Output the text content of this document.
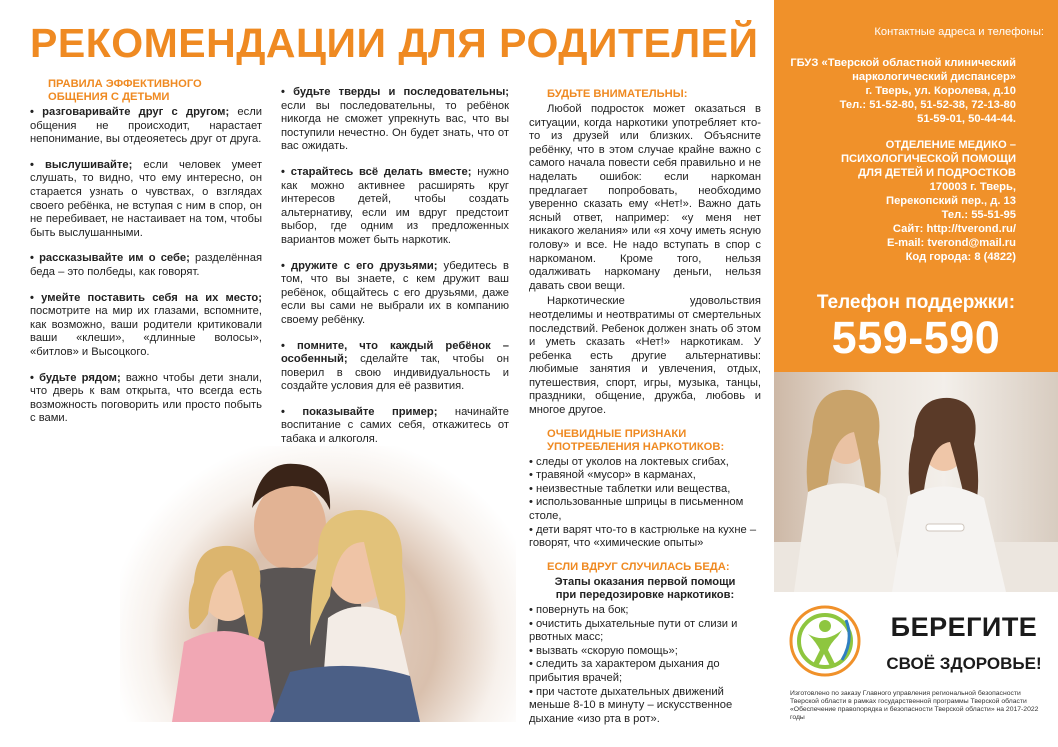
РЕКОМЕНДАЦИИ ДЛЯ РОДИТЕЛЕЙ
ПРАВИЛА ЭФФЕКТИВНОГО
ОБЩЕНИЯ С ДЕТЬМИ
• разговаривайте друг с другом; если общения не происходит, нарастает непонимание, вы отдеояетесь друг от друга.
• выслушивайте; если человек умеет слушать, то видно, что ему интересно, он старается узнать о чувствах, о взглядах своего ребёнка, не вступая с ним в спор, он не перебивает, не настаивает на том, чтобы быть выслушанными.
• рассказывайте им о себе; разделённая беда – это полбеды, как говорят.
• умейте поставить себя на их место; посмотрите на мир их глазами, вспомните, как возможно, ваши родители критиковали ваши «клеши», «длинные волосы», «битлов» и Высоцкого.
• будьте рядом; важно чтобы дети знали, что дверь к вам открыта, что всегда есть возможность поговорить или просто побыть с вами.
• будьте тверды и последовательны; если вы последовательны, то ребёнок никогда не сможет упрекнуть вас, что вы поступили нечестно. Он будет знать, что от вас ожидать.
• старайтесь всё делать вместе; нужно как можно активнее расширять круг интересов детей, чтобы создать альтернативу, если им вдруг предстоит выбор, где одним из предложенных вариантов может быть наркотик.
• дружите с его друзьями; убедитесь в том, что вы знаете, с кем дружит ваш ребёнок, общайтесь с его друзьями, даже если вы сами не выбрали их в компанию своему ребёнку.
• помните, что каждый ребёнок – особенный; сделайте так, чтобы он поверил в свою индивидуальность и создайте условия для её развития.
• показывайте пример; начинайте воспитание с самих себя, откажитесь от табака и алкоголя.
БУДЬТЕ ВНИМАТЕЛЬНЫ:
Любой подросток может оказаться в ситуации, когда наркотики употребляет кто-то из друзей или близких. Объясните ребёнку, что в этом случае крайне важно с самого начала повести себя правильно и не наделать ошибок: если наркоман предлагает попробовать, необходимо уверенно сказать ему «Нет!». Важно дать ясный ответ, например: «у меня нет никакого желания» или «я хочу иметь ясную голову» и все. Не надо вступать в спор с наркоманом. Кроме того, нельзя одалживать наркоману деньги, нельзя давать свои вещи.
Наркотические удовольствия неотделимы и неотвратимы от смертельных последствий. Ребенок должен знать об этом и уметь сказать «Нет!» наркотикам. У ребенка есть другие альтернативы: любимые занятия и увлечения, отдых, путешествия, спорт, игры, музыка, танцы, праздники, общение, дружба, любовь и многое другое.
ОЧЕВИДНЫЕ ПРИЗНАКИ
УПОТРЕБЛЕНИЯ НАРКОТИКОВ:
• следы от уколов на локтевых сгибах,
• травяной «мусор» в карманах,
• неизвестные таблетки или вещества,
• использованные шприцы в письменном столе,
• дети варят что-то в кастрюльке на кухне – говорят, что «химические опыты»
ЕСЛИ ВДРУГ СЛУЧИЛАСЬ БЕДА:
Этапы оказания первой помощи
при передозировке наркотиков:
• повернуть на бок;
• очистить дыхательные пути от слизи и рвотных масс;
• вызвать «скорую помощь»;
• следить за характером дыхания до прибытия врачей;
• при частоте дыхательных движений меньше 8-10 в минуту – искусственное дыхание «изо рта в рот».
Контактные адреса и телефоны:
ГБУЗ «Тверской областной клинический
наркологический диспансер»
г. Тверь, ул. Королева, д.10
Тел.: 51-52-80, 51-52-38, 72-13-80
51-59-01, 50-44-44.
ОТДЕЛЕНИЕ МЕДИКО –
ПСИХОЛОГИЧЕСКОЙ ПОМОЩИ
ДЛЯ ДЕТЕЙ И ПОДРОСТКОВ
170003 г. Тверь,
Перекопский пер., д. 13
Тел.: 55-51-95
Сайт: http://tverond.ru/
E-mail: tverond@mail.ru
Код города: 8 (4822)
Телефон поддержки:
559-590
БЕРЕГИТЕ
СВОЁ ЗДОРОВЬЕ!
Изготовлено по заказу Главного управления региональной безопасности Тверской области в рамках государственной программы Тверской области «Обеспечение правопорядка и безопасности Тверской области» на 2017-2022 годы
